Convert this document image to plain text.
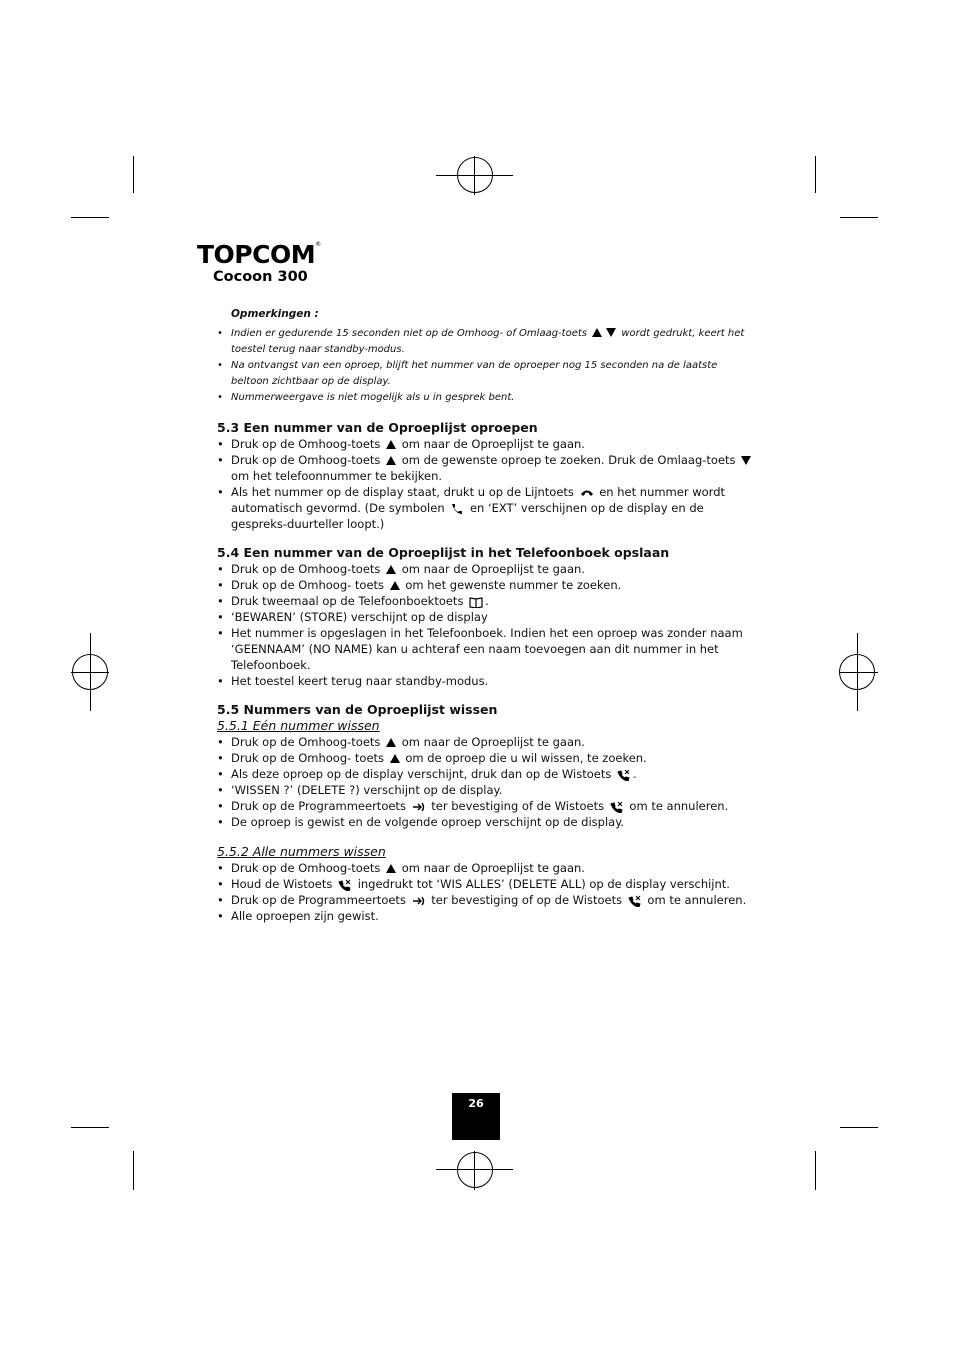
TOPCOM®
Cocoon 300
Opmerkingen :
• Indien er gedurende 15 seconden niet op de Omhoog- of Omlaag-toets	wordt gedrukt, keert het toestel terug naar standby-modus.
• Na ontvangst van een oproep, blijft het nummer van de oproeper nog 15 seconden na de laatste beltoon zichtbaar op de display.
• Nummerweergave is niet mogelijk als u in gesprek bent.
5.3 Een nummer van de Oproeplijst oproepen
• Druk op de Omhoog-toets om naar de Oproeplijst te gaan.
• Druk op de Omhoog-toets om de gewenste oproep te zoeken. Druk de Omlaag-toets  om het telefoonnummer te bekijken.
• Als het nummer op de display staat, drukt u op de Lijntoets en het nummer wordt automatisch gevormd. (De symbolen en ‘EXT’ verschijnen op de display en de gespreks-duurteller loopt.)
5.4 Een nummer van de Oproeplijst in het Telefoonboek opslaan
• Druk op de Omhoog-toets om naar de Oproeplijst te gaan.
• Druk op de Omhoog- toets om het gewenste nummer te zoeken.
• Druk tweemaal op de Telefoonboektoets .
• ‘BEWAREN’ (STORE) verschijnt op de display
• Het nummer is opgeslagen in het Telefoonboek. Indien het een oproep was zonder naam ‘GEENNAAM’ (NO NAME) kan u achteraf een naam toevoegen aan dit nummer in het Telefoonboek.
• Het toestel keert terug naar standby-modus.
5.5 Nummers van de Oproeplijst wissen
5.5.1 Eén nummer wissen
• Druk op de Omhoog-toets om naar de Oproeplijst te gaan.
• Druk op de Omhoog- toets om de oproep die u wil wissen, te zoeken.
• Als deze oproep op de display verschijnt, druk dan op de Wistoets .
• ‘WISSEN ?’ (DELETE ?) verschijnt op de display.
• Druk op de Programmeertoets ter bevestiging of de Wistoets om te annuleren.
• De oproep is gewist en de volgende oproep verschijnt op de display.
5.5.2 Alle nummers wissen
• Druk op de Omhoog-toets om naar de Oproeplijst te gaan.
• Houd de Wistoets ingedrukt tot ‘WIS ALLES’ (DELETE ALL) op de display verschijnt.
• Druk op de Programmeertoets ter bevestiging of op de Wistoets om te annuleren.
• Alle oproepen zijn gewist.
26
